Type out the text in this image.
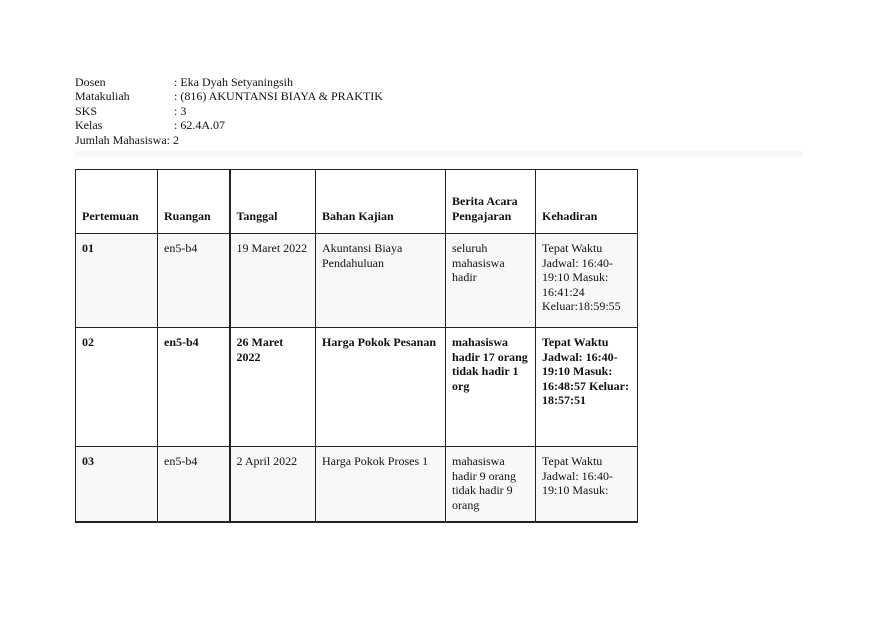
Dosen	: Eka Dyah Setyaningsih
Matakuliah	: (816) AKUNTANSI BIAYA & PRAKTIK
SKS	: 3
Kelas	: 62.4A.07
Jumlah Mahasiswa : 2
Pertemuan	Ruangan	Tanggal	Bahan Kajian	Berita Acara Pengajaran	Kehadiran
01	en5-b4	19 Maret 2022	Akuntansi Biaya Pendahuluan	seluruh mahasiswa hadir	Tepat Waktu Jadwal: 16:40-19:10 Masuk: 16:41:24 Keluar:18:59:55
02	en5-b4	26 Maret 2022	Harga Pokok Pesanan	mahasiswa hadir 17 orang tidak hadir 1 org	Tepat Waktu Jadwal: 16:40-19:10 Masuk: 16:48:57 Keluar: 18:57:51
03	en5-b4	2 April 2022	Harga Pokok Proses 1	mahasiswa hadir 9 orang tidak hadir 9 orang	Tepat Waktu Jadwal: 16:40-19:10 Masuk:
